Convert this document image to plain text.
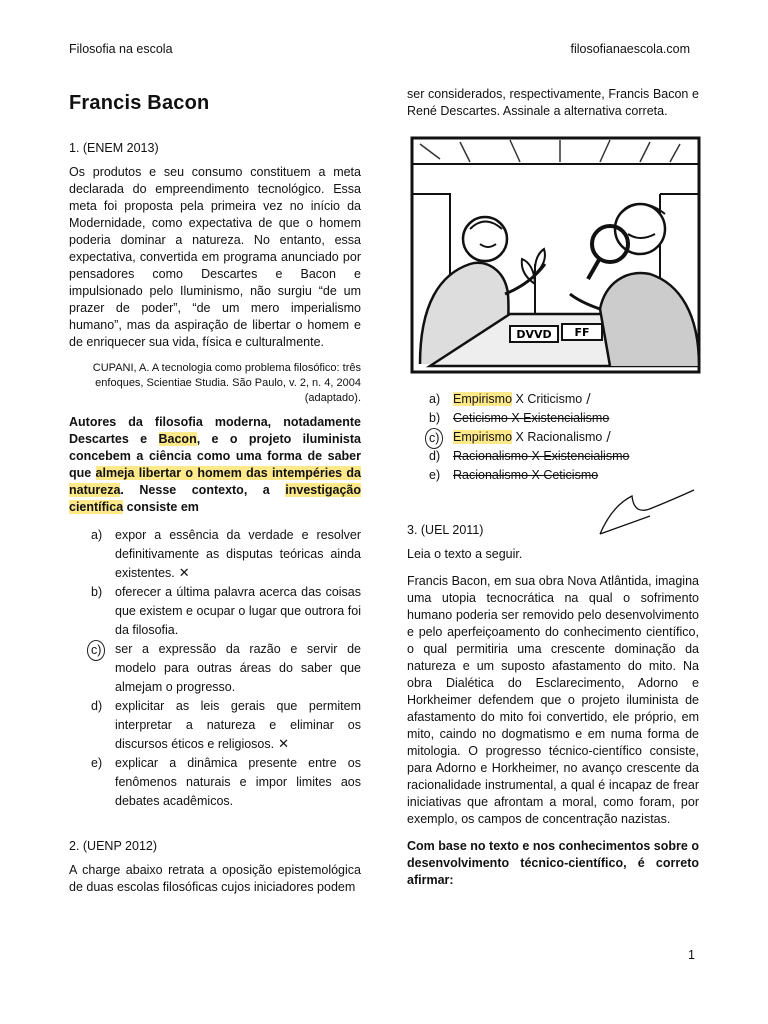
Filosofia na escola	filosofianaescola.com
Francis Bacon
1. (ENEM 2013)

Os produtos e seu consumo constituem a meta declarada do empreendimento tecnológico. Essa meta foi proposta pela primeira vez no início da Modernidade, como expectativa de que o homem poderia dominar a natureza. No entanto, essa expectativa, convertida em programa anunciado por pensadores como Descartes e Bacon e impulsionado pelo Iluminismo, não surgiu “de um prazer de poder”, “de um mero imperialismo humano”, mas da aspiração de libertar o homem e de enriquecer sua vida, física e culturalmente.

CUPANI, A. A tecnologia como problema filosófico: três enfoques, Scientiae Studia. São Paulo, v. 2, n. 4, 2004 (adaptado).

Autores da filosofia moderna, notadamente Descartes e Bacon, e o projeto iluminista concebem a ciência como uma forma de saber que almeja libertar o homem das intempéries da natureza. Nesse contexto, a investigação científica consiste em

a) expor a essência da verdade e resolver definitivamente as disputas teóricas ainda existentes. ✕
b) oferecer a última palavra acerca das coisas que existem e ocupar o lugar que outrora foi da filosofia.
c)	ser a expressão da razão e servir de modelo para outras áreas do saber que almejam o progresso.
d) explicitar as leis gerais que permitem interpretar a natureza e eliminar os discursos éticos e religiosos. ✕
e) explicar a dinâmica presente entre os fenômenos naturais e impor limites aos debates acadêmicos.
2. (UENP 2012)

A charge abaixo retrata a oposição epistemológica de duas escolas filosóficas cujos iniciadores podem

ser considerados, respectivamente, Francis Bacon e René Descartes. Assinale a alternativa correta.

DVVD FF
a) Empirismo X Criticismo /
b) Ceticismo X Existencialismo
c)	Empirismo X Racionalismo /
d) Racionalismo X Existencialismo
e) Racionalismo X Ceticismo
3. (UEL 2011)

Leia o texto a seguir.

Francis Bacon, em sua obra Nova Atlântida, imagina uma utopia tecnocrática na qual o sofrimento humano poderia ser removido pelo desenvolvimento e pelo aperfeiçoamento do conhecimento científico, o qual permitiria uma crescente dominação da natureza e um suposto afastamento do mito. Na obra Dialética do Esclarecimento, Adorno e Horkheimer defendem que o projeto iluminista de afastamento do mito foi convertido, ele próprio, em mito, caindo no dogmatismo e em numa forma de mitologia. O progresso técnico-científico consiste, para Adorno e Horkheimer, no avanço crescente da racionalidade instrumental, a qual é incapaz de frear iniciativas que afrontam a moral, como foram, por exemplo, os campos de concentração nazistas.

Com base no texto e nos conhecimentos sobre o desenvolvimento técnico-científico, é correto afirmar:

1
